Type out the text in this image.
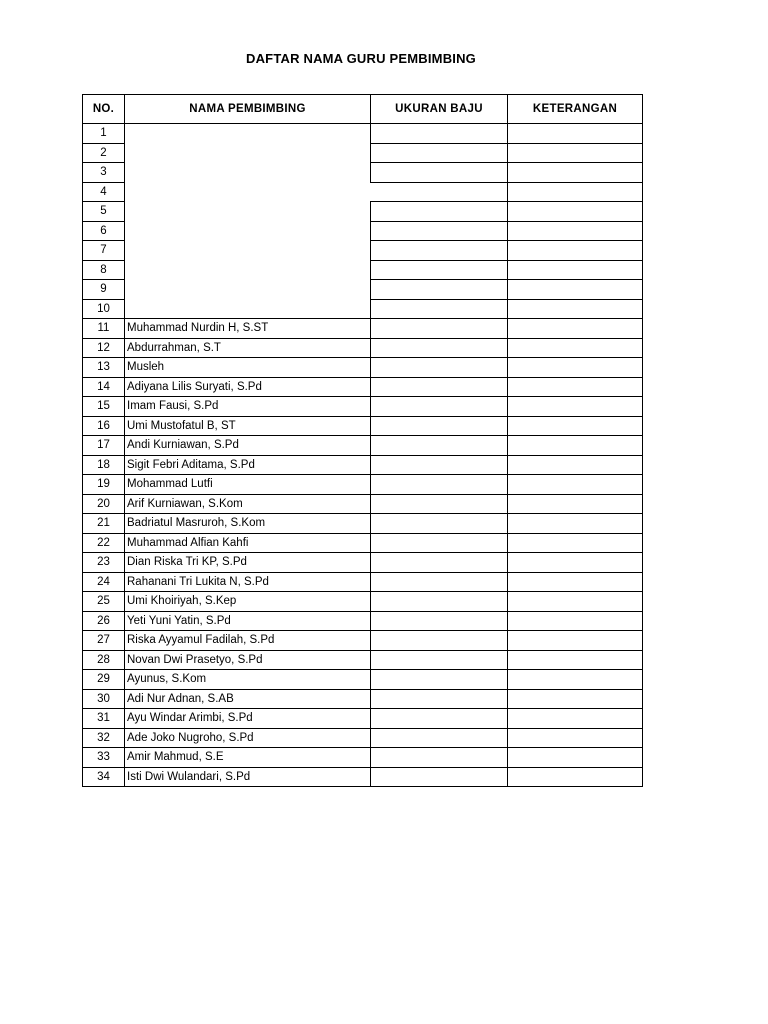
DAFTAR NAMA GURU PEMBIMBING
NO.	NAMA PEMBIMBING	UKURAN BAJU	KETERANGAN
1			
2			
3			
4			
5			
6			
7			
8			
9			
10			
11	Muhammad Nurdin H, S.ST		
12	Abdurrahman, S.T		
13	Musleh		
14	Adiyana Lilis Suryati, S.Pd		
15	Imam Fausi, S.Pd		
16	Umi Mustofatul B, ST		
17	Andi Kurniawan, S.Pd		
18	Sigit Febri Aditama, S.Pd		
19	Mohammad Lutfi		
20	Arif Kurniawan, S.Kom		
21	Badriatul Masruroh, S.Kom		
22	Muhammad Alfian Kahfi		
23	Dian Riska Tri KP, S.Pd		
24	Rahanani Tri Lukita N, S.Pd		
25	Umi Khoiriyah, S.Kep		
26	Yeti Yuni Yatin, S.Pd		
27	Riska Ayyamul Fadilah, S.Pd		
28	Novan Dwi Prasetyo, S.Pd		
29	Ayunus, S.Kom		
30	Adi Nur Adnan, S.AB		
31	Ayu Windar Arimbi, S.Pd		
32	Ade Joko Nugroho, S.Pd		
33	Amir Mahmud, S.E		
34	Isti Dwi Wulandari, S.Pd		
